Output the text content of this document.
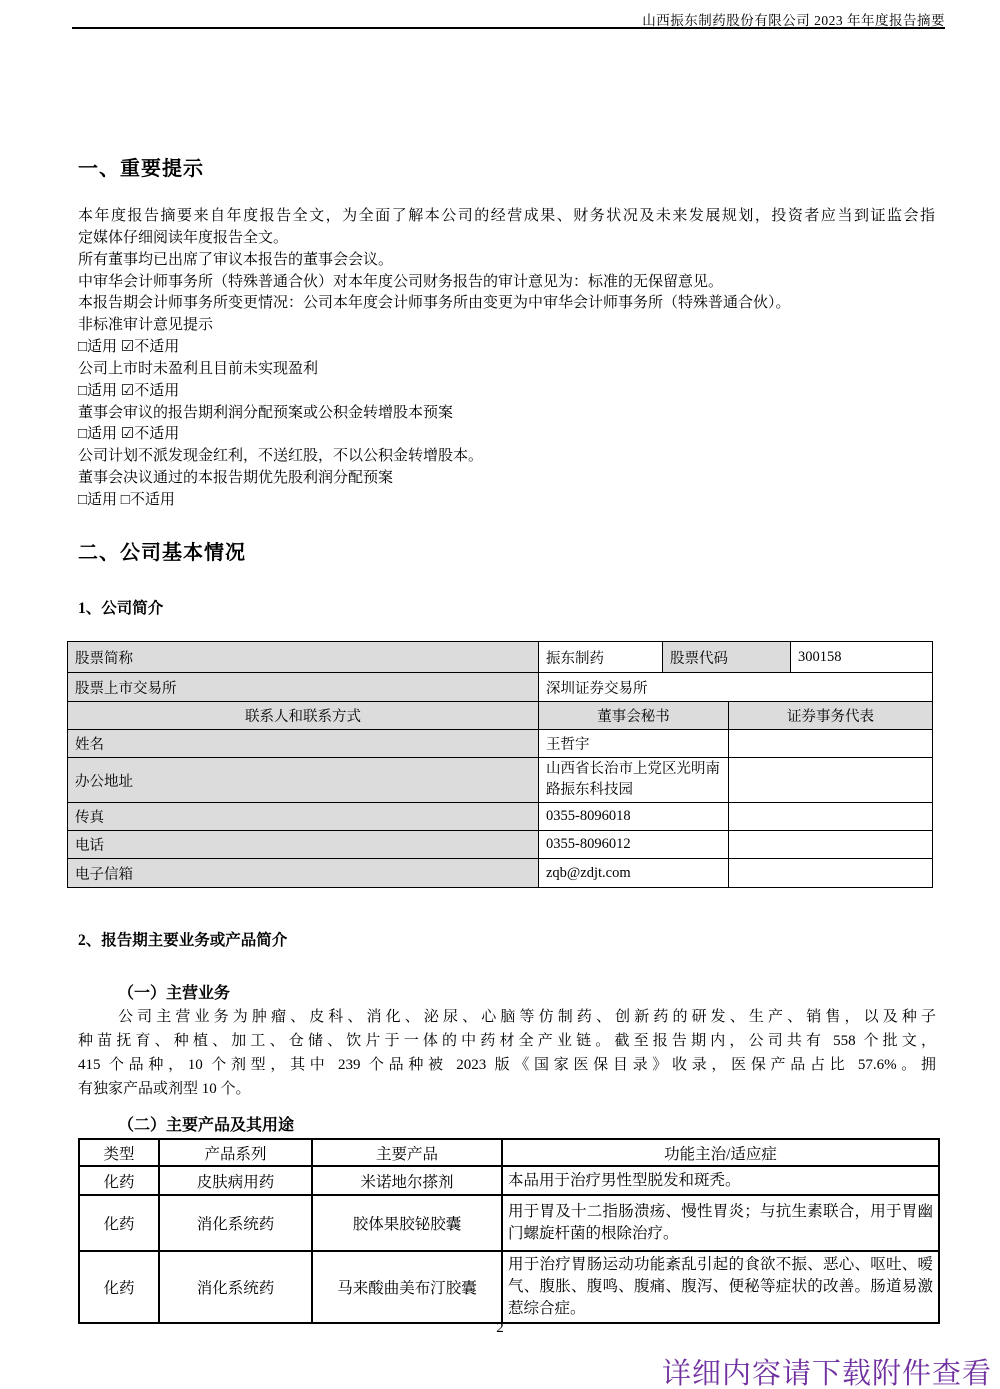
山西振东制药股份有限公司 2023 年年度报告摘要
一、重要提示
本年度报告摘要来自年度报告全文，为全面了解本公司的经营成果、财务状况及未来发展规划，投资者应当到证监会指
定媒体仔细阅读年度报告全文。
所有董事均已出席了审议本报告的董事会会议。
中审华会计师事务所（特殊普通合伙）对本年度公司财务报告的审计意见为：标准的无保留意见。
本报告期会计师事务所变更情况：公司本年度会计师事务所由变更为中审华会计师事务所（特殊普通合伙）。
非标准审计意见提示
□适用 ☑不适用
公司上市时未盈利且目前未实现盈利
□适用 ☑不适用
董事会审议的报告期利润分配预案或公积金转增股本预案
□适用 ☑不适用
公司计划不派发现金红利，不送红股，不以公积金转增股本。
董事会决议通过的本报告期优先股利润分配预案
□适用 □不适用
二、公司基本情况
1、公司简介
股票简称	振东制药	股票代码		300158
股票上市交易所	深圳证券交易所			
联系人和联系方式	董事会秘书		证券事务代表	
姓名	王哲宇			
办公地址	山西省长治市上党区光明南路振东科技园			
传真	0355-8096018			
电话	0355-8096012			
电子信箱	zqb@zdjt.com			
2、报告期主要业务或产品简介
（一）主营业务
公司主营业务为肿瘤、皮科、消化、泌尿、心脑等仿制药、创新药的研发、生产、销售，以及种子
种苗抚育、种植、加工、仓储、饮片于一体的中药材全产业链。截至报告期内，公司共有 558 个批文，
415 个品种，10 个剂型，其中 239 个品种被 2023 版《国家医保目录》收录，医保产品占比 57.6%。拥
有独家产品或剂型 10 个。
（二）主要产品及其用途
类型	产品系列	主要产品	功能主治/适应症
化药	皮肤病用药	米诺地尔搽剂	本品用于治疗男性型脱发和斑秃。
化药	消化系统药	胶体果胶铋胶囊	用于胃及十二指肠溃疡、慢性胃炎；与抗生素联合，用于胃幽门螺旋杆菌的根除治疗。
化药	消化系统药	马来酸曲美布汀胶囊	用于治疗胃肠运动功能紊乱引起的食欲不振、恶心、呕吐、嗳气、腹胀、腹鸣、腹痛、腹泻、便秘等症状的改善。肠道易激惹综合症。
2
详细内容请下载附件查看
